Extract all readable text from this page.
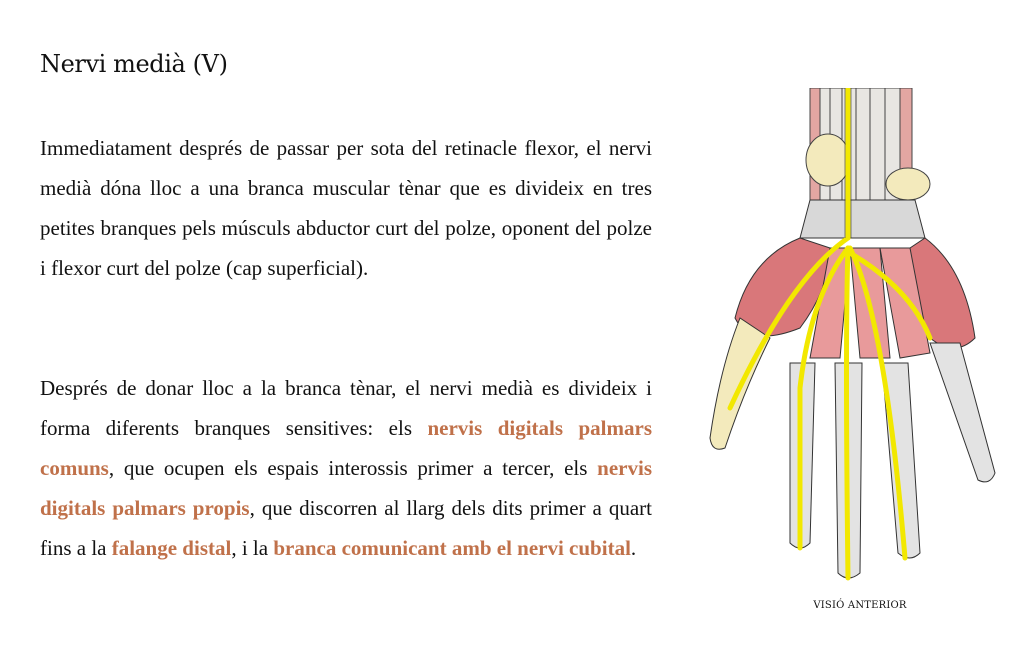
Nervi medià (V)

Immediatament després de passar per sota del retinacle flexor, el nervi medià dóna lloc a una branca muscular tènar que es divideix en tres petites branques pels músculs abductor curt del polze, oponent del polze i flexor curt del polze (cap superficial).

Després de donar lloc a la branca tènar, el nervi medià es divideix i forma diferents branques sensitives: els nervis digitals palmars comuns, que ocupen els espais interossis primer a tercer, els nervis digitals palmars propis, que discorren al llarg dels dits primer a quart fins a la falange distal, i la branca comunicant amb el nervi cubital.

VISIÓ ANTERIOR
